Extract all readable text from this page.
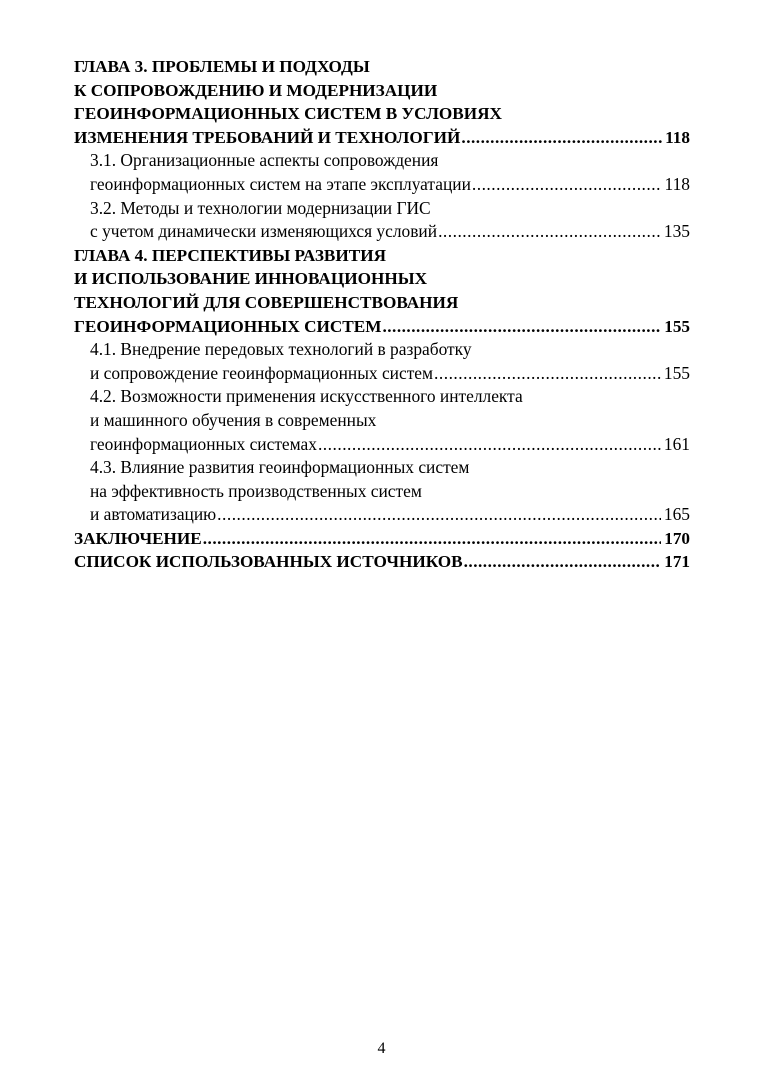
ГЛАВА 3. ПРОБЛЕМЫ И ПОДХОДЫ
К СОПРОВОЖДЕНИЮ И МОДЕРНИЗАЦИИ
ГЕОИНФОРМАЦИОННЫХ СИСТЕМ В УСЛОВИЯХ
ИЗМЕНЕНИЯ ТРЕБОВАНИЙ И ТЕХНОЛОГИЙ .....	118
3.1. Организационные аспекты сопровождения
геоинформационных систем на этапе эксплуатации .....	118
3.2. Методы и технологии модернизации ГИС
с учетом динамически изменяющихся условий .....	135
ГЛАВА 4. ПЕРСПЕКТИВЫ РАЗВИТИЯ
И ИСПОЛЬЗОВАНИЕ ИННОВАЦИОННЫХ
ТЕХНОЛОГИЙ ДЛЯ СОВЕРШЕНСТВОВАНИЯ
ГЕОИНФОРМАЦИОННЫХ СИСТЕМ .....	155
4.1. Внедрение передовых технологий в разработку
и сопровождение геоинформационных систем .....	155
4.2. Возможности применения искусственного интеллекта
и машинного обучения в современных
геоинформационных системах .....	161
4.3. Влияние развития геоинформационных систем
на эффективность производственных систем
и автоматизацию .....	165
ЗАКЛЮЧЕНИЕ .....	170
СПИСОК ИСПОЛЬЗОВАННЫХ ИСТОЧНИКОВ .....	171
4
